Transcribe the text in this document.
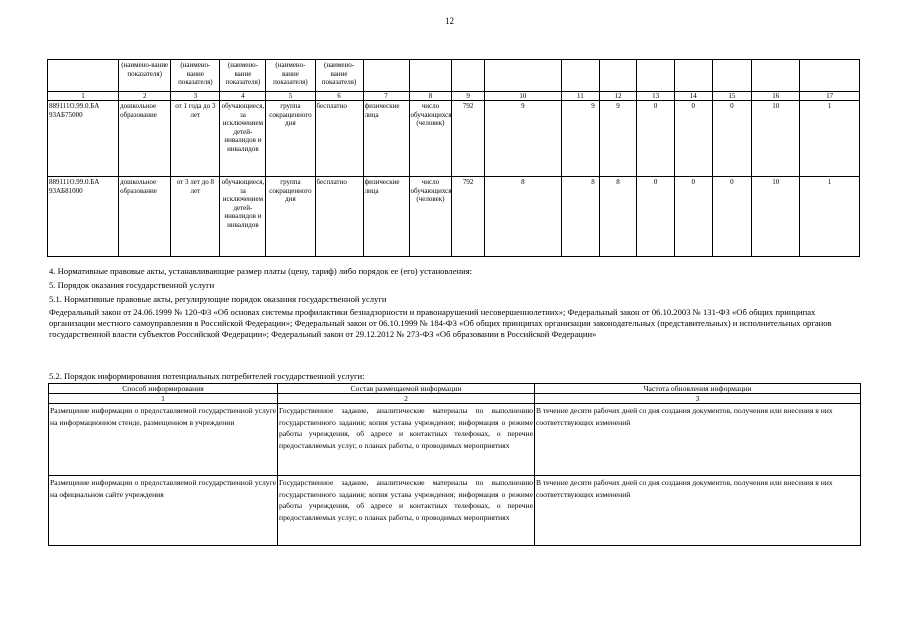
12
	(наимено-вание показателя)	(наимено-вание показателя)	(наимено-вание показателя)	(наимено-вание показателя)	(наимено-вание показателя)											
1	2	3	4	5	6	7	8	9	10	11	12	13	14	15	16	17
889111О.99.0.БА 93АБ75000	дошкольное образование	от 1 года до 3 лет	обучающиеся, за исключением детей-инвалидов и инвалидов	группа сокращенного дня	бесплатно	физические лица	число обучающихся (человек)	792	9	9	9	0	0	0	10	1
889111О.99.0.БА 93АБ81000	дошкольное образование	от 3 лет до 8 лет	обучающиеся, за исключением детей-инвалидов и инвалидов	группа сокращенного дня	бесплатно	физические лица	число обучающихся (человек)	792	8	8	8	0	0	0	10	1
4. Нормативные правовые акты, устанавливающие размер платы (цену, тариф) либо порядок ее (его) установления:
5. Порядок оказания государственной услуги
5.1. Нормативные правовые акты, регулирующие порядок оказания государственной услуги
Федеральный закон от 24.06.1999 № 120-ФЗ «Об основах системы профилактики безнадзорности и правонарушений несовершеннолетних»; Федеральный закон от 06.10.2003 № 131-ФЗ «Об общих принципах организации местного самоуправления в Российской Федерации»; Федеральный закон от 06.10.1999 № 184-ФЗ «Об общих принципах организации законодательных (представительных) и исполнительных органов государственной власти субъектов Российской Федерации»; Федеральный закон от 29.12.2012 № 273-ФЗ «Об образовании в Российской Федерации»
5.2. Порядок информирования потенциальных потребителей государственной услуги:
Способ информирования	Состав размещаемой информации	Частота обновления информации
1	2	3
Размещение информации о предоставляемой государственной услуге на информационном стенде, размещенном в учреждении	Государственное задание, аналитические материалы по выполнению государственного задания; копия устава учреждения; информация о режиме работы учреждения, об адресе и контактных телефонах, о перечне предоставляемых услуг, о планах работы, о проводимых мероприятиях	В течение десяти рабочих дней со дня создания документов, получения или внесения в них соответствующих изменений
Размещение информации о предоставляемой государственной услуге на официальном сайте учреждения	Государственное задание, аналитические материалы по выполнению государственного задания; копия устава учреждения; информация о режиме работы учреждения, об адресе и контактных телефонах, о перечне предоставляемых услуг, о планах работы, о проводимых мероприятиях	В течение десяти рабочих дней со дня создания документов, получения или внесения в них соответствующих изменений
